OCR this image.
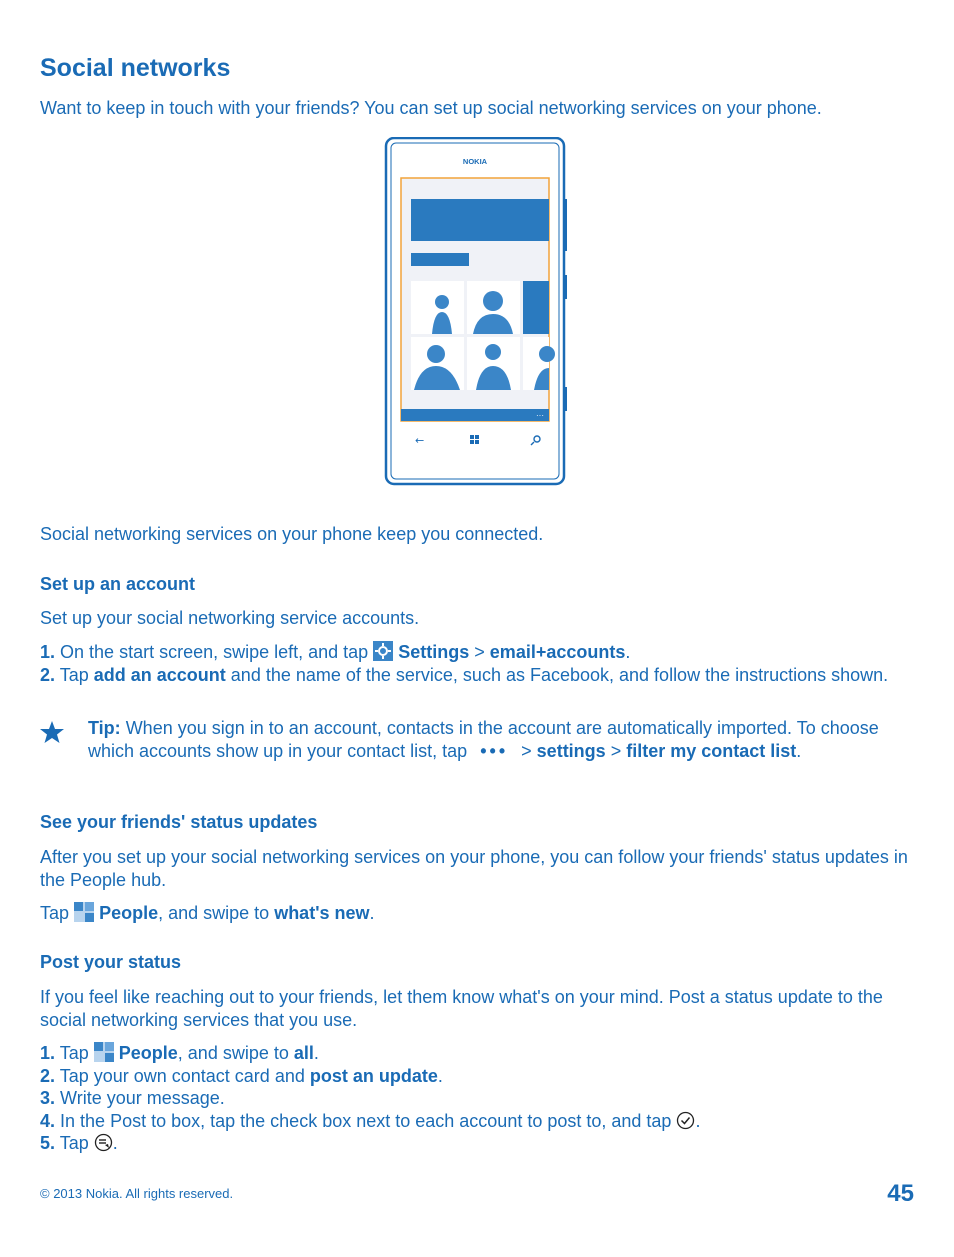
Social networks

Want to keep in touch with your friends? You can set up social networking services on your phone.

NOKIA
···
←

Social networking services on your phone keep you connected.

Set up an account

Set up your social networking service accounts.

1. On the start screen, swipe left, and tap Settings > email+accounts.

2. Tap add an account and the name of the service, such as Facebook, and follow the instructions shown.

Tip: When you sign in to an account, contacts in the account are automatically imported. To choose which accounts show up in your contact list, tap ••• > settings > filter my contact list.

See your friends' status updates

After you set up your social networking services on your phone, you can follow your friends' status updates in the People hub.

Tap People, and swipe to what's new.

Post your status

If you feel like reaching out to your friends, let them know what's on your mind. Post a status update to the social networking services that you use.

1. Tap People, and swipe to all.

2. Tap your own contact card and post an update.

3. Write your message.

4. In the Post to box, tap the check box next to each account to post to, and tap .

5. Tap .

© 2013 Nokia. All rights reserved.	45
